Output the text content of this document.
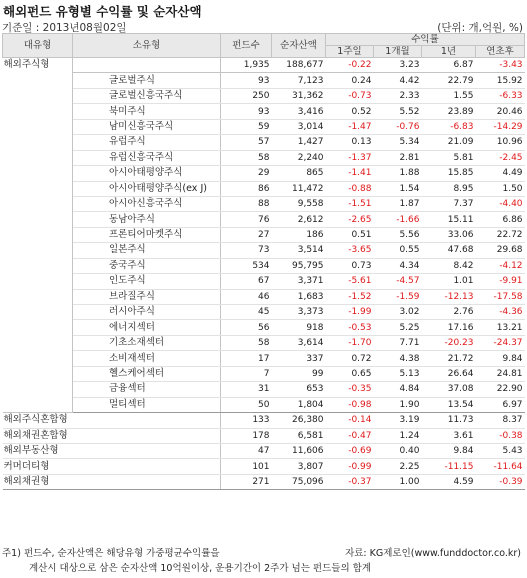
해외펀드 유형별 수익률 및 순자산액
기준일 : 2013년08월02일	(단위: 개,억원, %)
대유형	소유형	펀드수	순자산액	수익률			
				1주일	1개월	1년	연초후
해외주식형		1,935	188,677	-0.22	3.23	6.87	-3.43
	글로벌주식	93	7,123	0.24	4.42	22.79	15.92
	글로벌신흥국주식	250	31,362	-0.73	2.33	1.55	-6.33
	북미주식	93	3,416	0.52	5.52	23.89	20.46
	남미신흥국주식	59	3,014	-1.47	-0.76	-6.83	-14.29
	유럽주식	57	1,427	0.13	5.34	21.09	10.96
	유럽신흥국주식	58	2,240	-1.37	2.81	5.81	-2.45
	아시아태평양주식	29	865	-1.41	1.88	15.85	4.49
	아시아태평양주식(ex J)	86	11,472	-0.88	1.54	8.95	1.50
	아시아신흥국주식	88	9,558	-1.51	1.87	7.37	-4.40
	동남아주식	76	2,612	-2.65	-1.66	15.11	6.86
	프론티어마켓주식	27	186	0.51	5.56	33.06	22.72
	일본주식	73	3,514	-3.65	0.55	47.68	29.68
	중국주식	534	95,795	0.73	4.34	8.42	-4.12
	인도주식	67	3,371	-5.61	-4.57	1.01	-9.91
	브라질주식	46	1,683	-1.52	-1.59	-12.13	-17.58
	러시아주식	45	3,373	-1.99	3.02	2.76	-4.36
	에너지섹터	56	918	-0.53	5.25	17.16	13.21
	기초소재섹터	58	3,614	-1.70	7.71	-20.23	-24.37
	소비재섹터	17	337	0.72	4.38	21.72	9.84
	헬스케어섹터	7	99	0.65	5.13	26.64	24.81
	금융섹터	31	653	-0.35	4.84	37.08	22.90
	멀티섹터	50	1,804	-0.98	1.90	13.54	6.97
해외주식혼합형		133	26,380	-0.14	3.19	11.73	8.37
해외채권혼합형		178	6,581	-0.47	1.24	3.61	-0.38
해외부동산형		47	11,606	-0.69	0.40	9.84	5.43
커머더티형		101	3,807	-0.99	2.25	-11.15	-11.64
해외채권형		271	75,096	-0.37	1.00	4.59	-0.39
주1) 펀드수, 순자산액은 해당유형 가중평균수익률을	자료: KG제로인(www.funddoctor.co.kr)
계산시 대상으로 삼은 순자산액 10억원이상, 운용기간이 2주가 넘는 펀드들의 합계
